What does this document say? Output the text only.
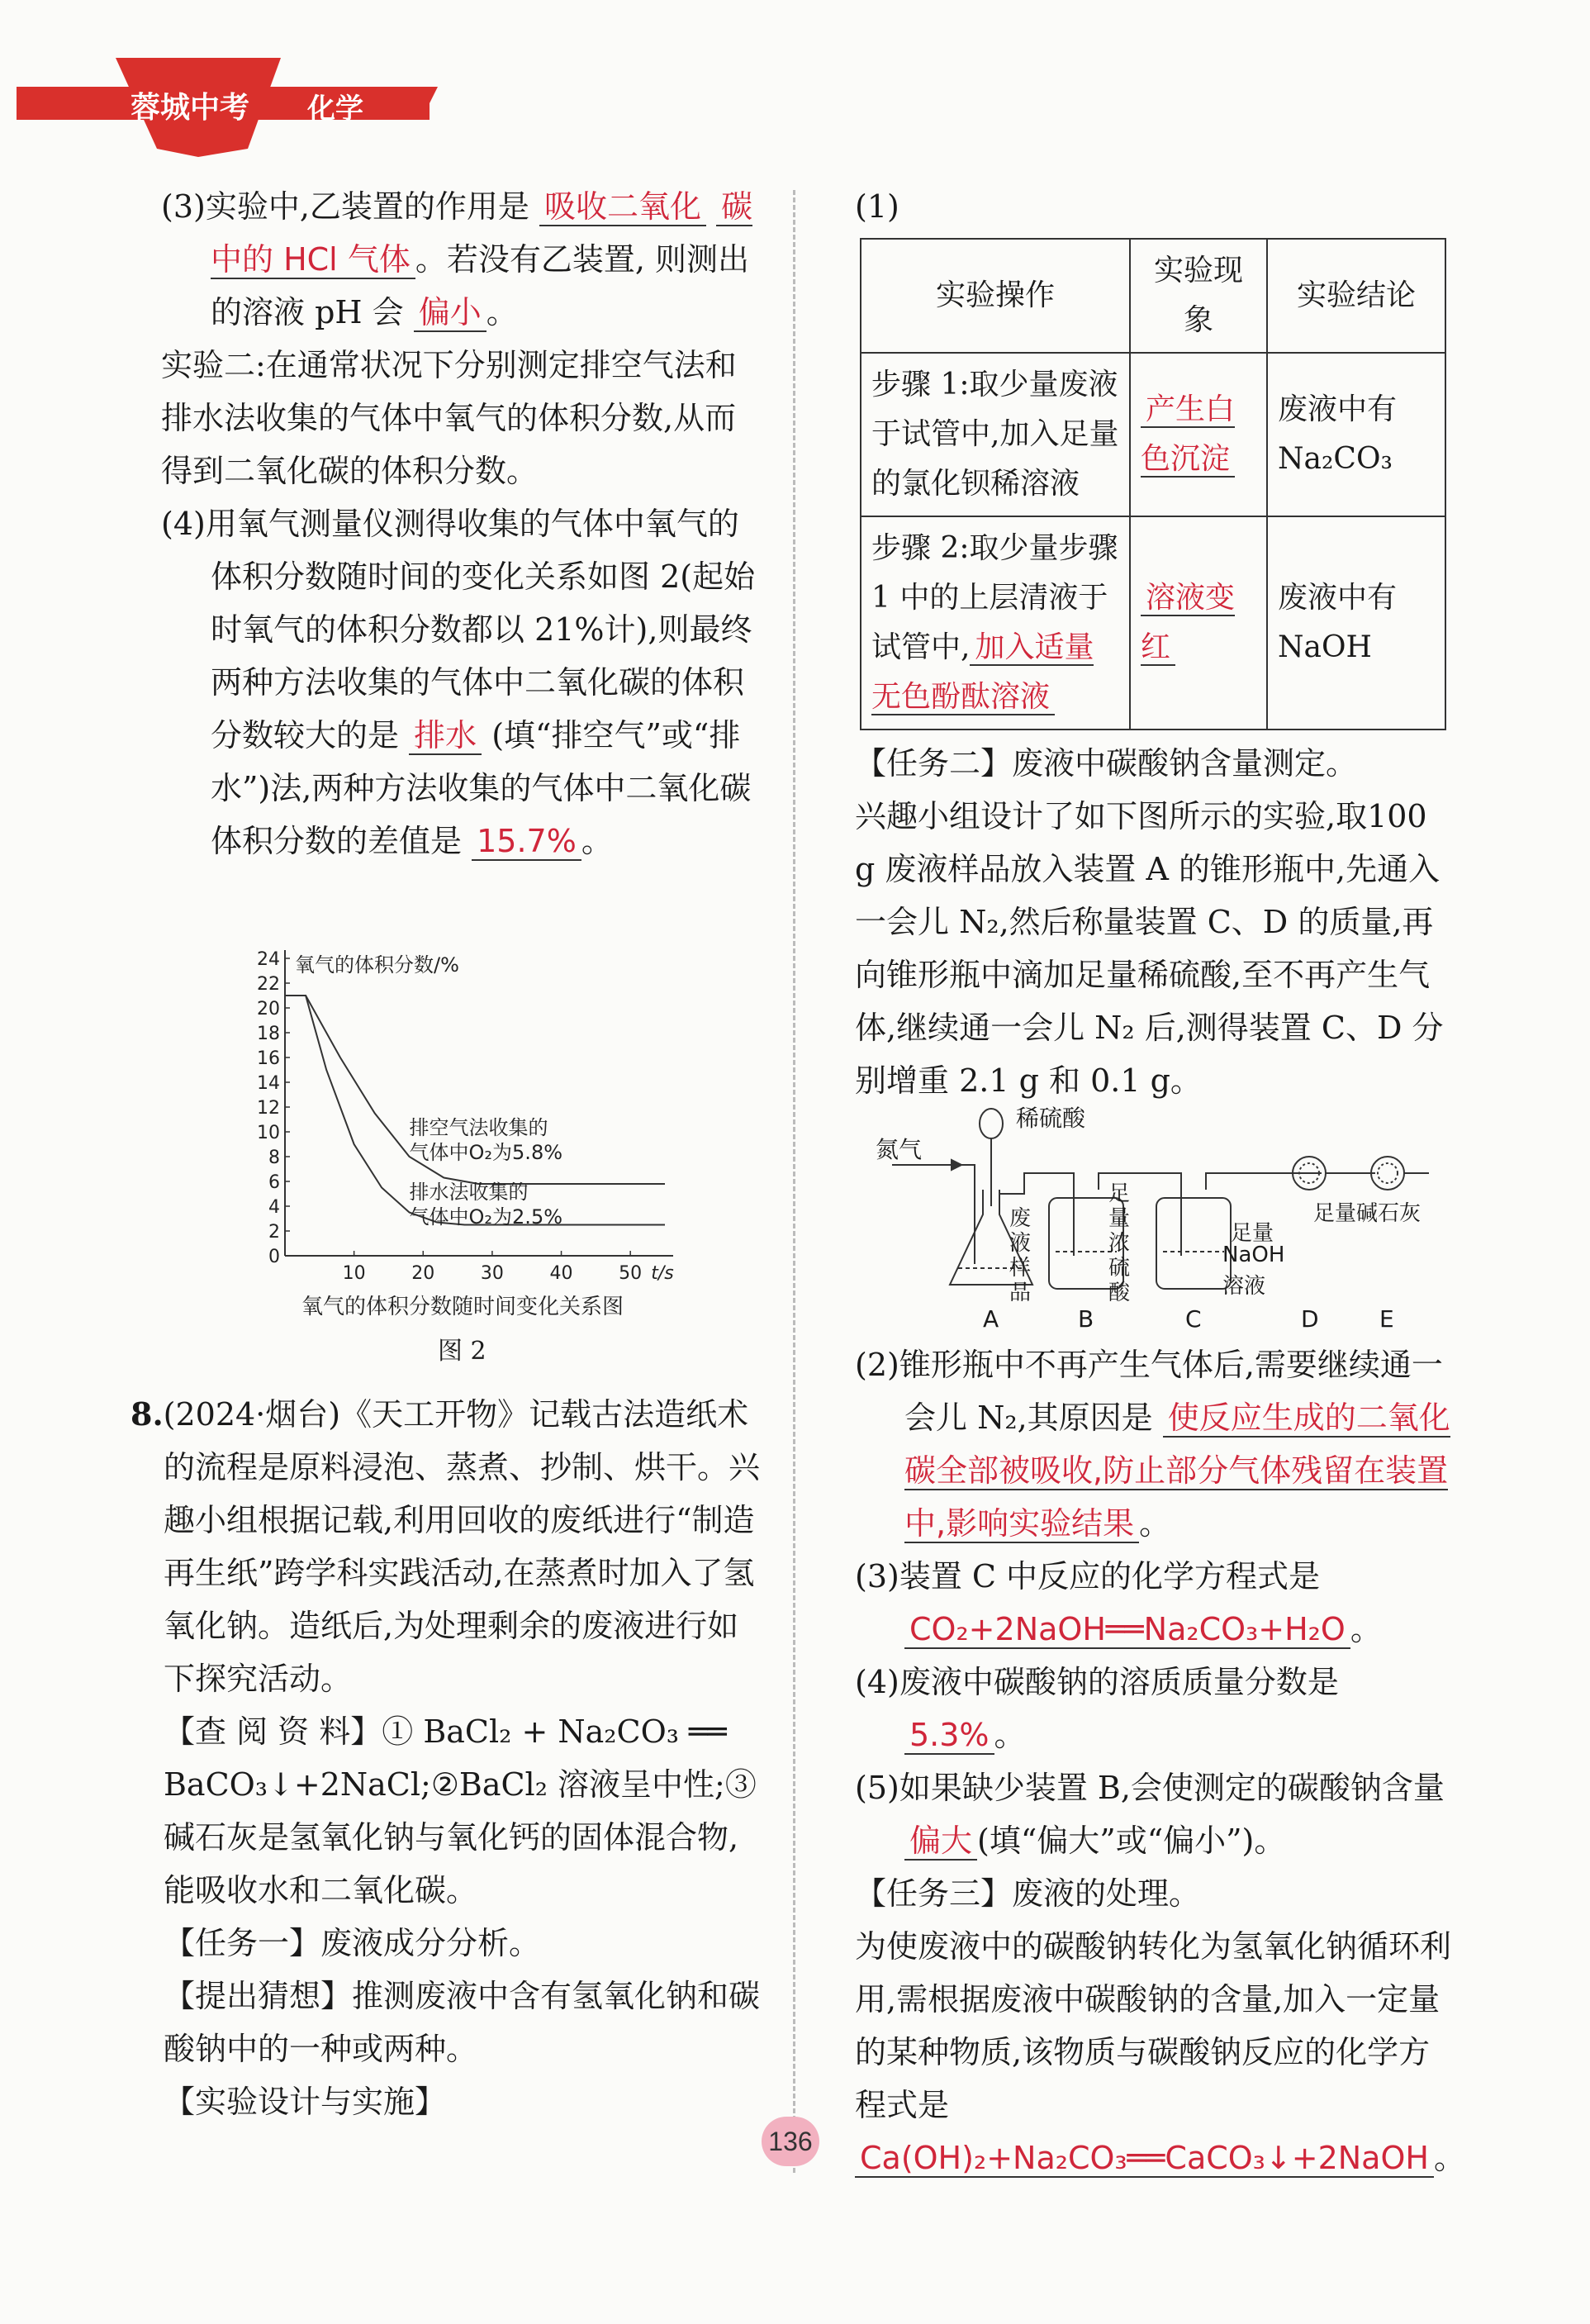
蓉城中考 化学

(3)实验中,乙装置的作用是 吸收二氧化 碳中的 HCl 气体 。若没有乙装置, 则测出的溶液 pH 会 偏小 。

实验二:在通常状况下分别测定排空气法和排水法收集的气体中氧气的体积分数,从而得到二氧化碳的体积分数。

(4)用氧气测量仪测得收集的气体中氧气的体积分数随时间的变化关系如图 2(起始时氧气的体积分数都以 21%计),则最终两种方法收集的气体中二氧化碳的体积分数较大的是 排水 (填“排空气”或“排水”)法,两种方法收集的气体中二氧化碳体积分数的差值是 15.7% 。

0
2
4
6
8
10
12
14
16
18
20
22
24
10	20	30	40	50 t/s
氧气的体积分数/%
排空气法收集的
气体中O₂为5.8%
排水法收集的
气体中O₂为2.5%
氧气的体积分数随时间变化关系图
图 2

8.(2024·烟台)《天工开物》记载古法造纸术的流程是原料浸泡、蒸煮、抄制、烘干。兴趣小组根据记载,利用回收的废纸进行“制造再生纸”跨学科实践活动,在蒸煮时加入了氢氧化钠。造纸后,为处理剩余的废液进行如下探究活动。

【查 阅 资 料】① BaCl₂ + Na₂CO₃ ══ BaCO₃↓+2NaCl;②BaCl₂ 溶液呈中性;③碱石灰是氢氧化钠与氧化钙的固体混合物,能吸收水和二氧化碳。

【任务一】废液成分分析。

【提出猜想】推测废液中含有氢氧化钠和碳酸钠中的一种或两种。

【实验设计与实施】

(1)

实验操作	实验现象	实验结论
步骤 1:取少量废液于试管中,加入足量的氯化钡稀溶液	产生白色沉淀	废液中有 Na₂CO₃
步骤 2:取少量步骤 1 中的上层清液于试管中, 加入适量无色酚酞溶液	溶液变红	废液中有 NaOH

【任务二】废液中碳酸钠含量测定。

兴趣小组设计了如下图所示的实验,取100 g 废液样品放入装置 A 的锥形瓶中,先通入一会儿 N₂,然后称量装置 C、D 的质量,再向锥形瓶中滴加足量稀硫酸,至不再产生气体,继续通一会儿 N₂ 后,测得装置 C、D 分别增重 2.1 g 和 0.1 g。

稀硫酸
氮气
废液样品
足量浓硫酸
足量
NaOH
溶液
足量碱石灰
A	B	C	D	E

(2)锥形瓶中不再产生气体后,需要继续通一会儿 N₂,其原因是 使反应生成的二氧化碳全部被吸收,防止部分气体残留在装置中,影响实验结果 。

(3)装置 C 中反应的化学方程式是 CO₂+2NaOH══Na₂CO₃+H₂O 。

(4)废液中碳酸钠的溶质质量分数是 5.3% 。

(5)如果缺少装置 B,会使测定的碳酸钠含量 偏大 (填“偏大”或“偏小”)。

【任务三】废液的处理。

为使废液中的碳酸钠转化为氢氧化钠循环利用,需根据废液中碳酸钠的含量,加入一定量的某种物质,该物质与碳酸钠反应的化学方程式是 Ca(OH)₂+Na₂CO₃══CaCO₃↓+2NaOH 。

136
